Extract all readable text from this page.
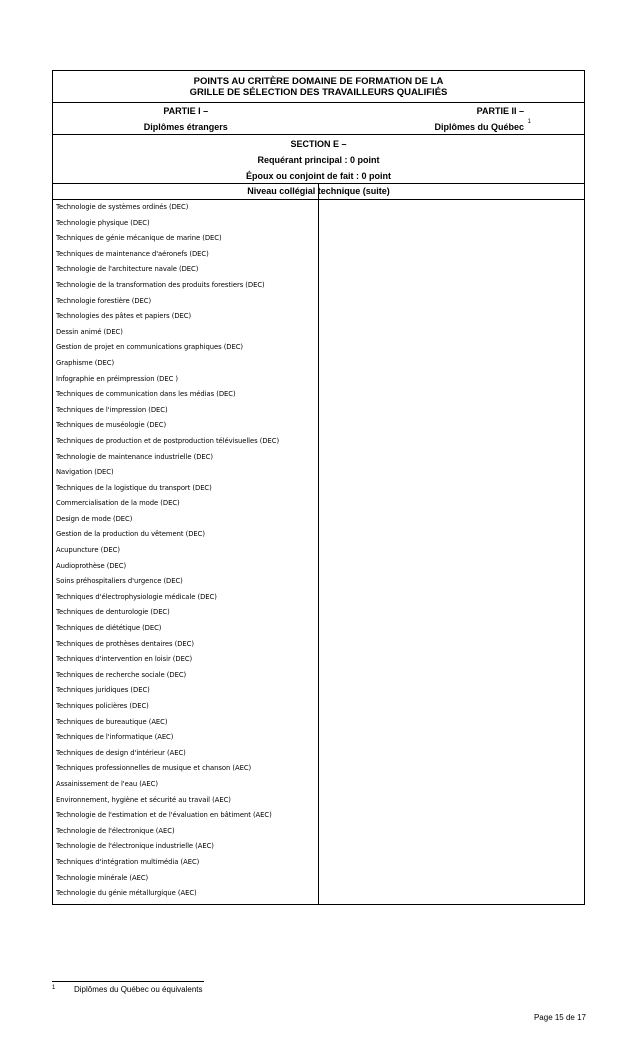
POINTS AU CRITÈRE DOMAINE DE FORMATION DE LA
GRILLE DE SÉLECTION DES TRAVAILLEURS QUALIFIÉS
PARTIE I –
Diplômes étrangers
PARTIE II –
Diplômes du Québec 1
SECTION E –
Requérant principal : 0 point
Époux ou conjoint de fait : 0 point
Niveau collégial technique (suite)
Technologie de systèmes ordinés (DEC)
Technologie physique (DEC)
Techniques de génie mécanique de marine (DEC)
Techniques de maintenance d'aéronefs (DEC)
Technologie de l'architecture navale (DEC)
Technologie de la transformation des produits forestiers (DEC)
Technologie forestière (DEC)
Technologies des pâtes et papiers (DEC)
Dessin animé (DEC)
Gestion de projet en communications graphiques (DEC)
Graphisme (DEC)
Infographie en préimpression (DEC )
Techniques de communication dans les médias (DEC)
Techniques de l'impression (DEC)
Techniques de muséologie (DEC)
Techniques de production et de postproduction télévisuelles (DEC)
Technologie de maintenance industrielle (DEC)
Navigation (DEC)
Techniques de la logistique du transport (DEC)
Commercialisation de la mode (DEC)
Design de mode (DEC)
Gestion de la production du vêtement (DEC)
Acupuncture (DEC)
Audioprothèse (DEC)
Soins préhospitaliers d'urgence (DEC)
Techniques d'électrophysiologie médicale (DEC)
Techniques de denturologie (DEC)
Techniques de diététique (DEC)
Techniques de prothèses dentaires (DEC)
Techniques d'intervention en loisir (DEC)
Techniques de recherche sociale (DEC)
Techniques juridiques (DEC)
Techniques policières (DEC)
Techniques de bureautique (AEC)
Techniques de l'informatique (AEC)
Techniques de design d'intérieur (AEC)
Techniques professionnelles de musique et chanson (AEC)
Assainissement de l'eau (AEC)
Environnement, hygiène et sécurité au travail (AEC)
Technologie de l'estimation et de l'évaluation en bâtiment (AEC)
Technologie de l'électronique (AEC)
Technologie de l'électronique industrielle (AEC)
Techniques d'intégration multimédia (AEC)
Technologie minérale (AEC)
Technologie du génie métallurgique (AEC)
1 Diplômes du Québec ou équivalents
Page 15 de 17
